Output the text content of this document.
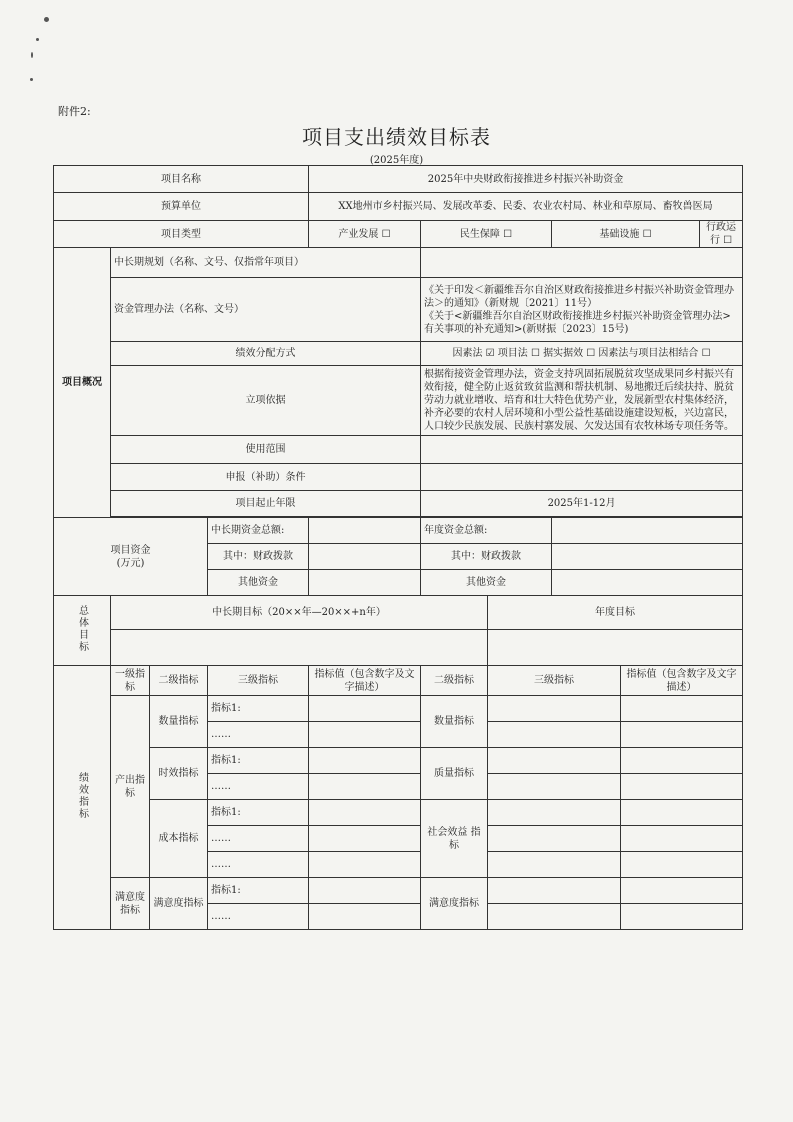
附件2:
项目支出绩效目标表
(2025年度)
项目名称				2025年中央财政衔接推进乡村振兴补助资金					
预算单位				XX地州市乡村振兴局、发展改革委、民委、农业农村局、林业和草原局、畜牧兽医局					
项目类型				产业发展 ☐	民生保障 ☐		基础设施 ☐		行政运行 ☐
项目概况	中长期规划（名称、文号、仅指常年项目）								
	资金管理办法（名称、文号）				《关于印发＜新疆维吾尔自治区财政衔接推进乡村振兴补助资金管理办法＞的通知》（新财规〔2021〕11号）
《关于<新疆维吾尔自治区财政衔接推进乡村振兴补助资金管理办法>有关事项的补充通知>(新财振〔2023〕15号)				
	绩效分配方式				因素法 ☑ 项目法 ☐ 据实据效 ☐ 因素法与项目法相结合 ☐				
	立项依据				根据衔接资金管理办法，资金支持巩固拓展脱贫攻坚成果同乡村振兴有效衔接，健全防止返贫致贫监测和帮扶机制、易地搬迁后续扶持、脱贫劳动力就业增收、培育和壮大特色优势产业，发展新型农村集体经济，补齐必要的农村人居环境和小型公益性基础设施建设短板，兴边富民，人口较少民族发展、民族村寨发展、欠发达国有农牧林场专项任务等。				
	使用范围								
	申报（补助）条件								
	项目起止年限				2025年1-12月				

项目资金
(万元)			中长期资金总额:		年度资金总额:				
			其中：财政拨款		其中：财政拨款				
			其他资金		其他资金				
总体目标	中长期目标（20××年—20××+n年）					年度目标			

绩效指标	一级指标	二级指标	三级指标	指标值（包含数字及文字描述）	二级指标	三级指标		指标值（包含数字及文字描述）	
	产出指标	数量指标	指标1:		数量指标				
			……						
		时效指标	指标1:		质量指标				
			……						
		成本指标	指标1:		社会效益 指标				
			……						
			……						
	满意度指标	满意度指标	指标1:		满意度指标				
			……						
